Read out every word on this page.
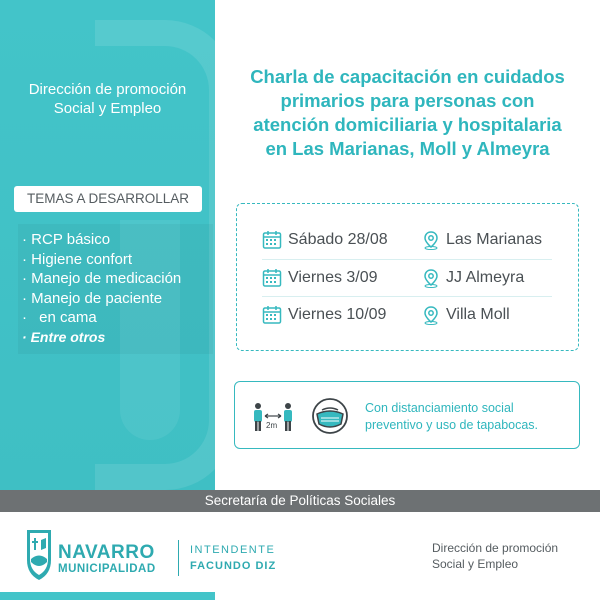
Dirección de promoción
Social y Empleo
TEMAS A DESARROLLAR
· RCP básico
· Higiene confort
· Manejo de medicación
· Manejo de paciente
· en cama
· Entre otros
Charla de capacitación en cuidados
primarios para personas con
atención domiciliaria y hospitalaria
en Las Marianas, Moll y Almeyra
Sábado 28/08	Las Marianas
Viernes 3/09	JJ Almeyra
Viernes 10/09	Villa Moll
2m
Con distanciamiento social
preventivo y uso de tapabocas.
Secretaría de Políticas Sociales
NAVARRO
MUNICIPALIDAD
INTENDENTE
FACUNDO DIZ
Dirección de promoción
Social y Empleo
